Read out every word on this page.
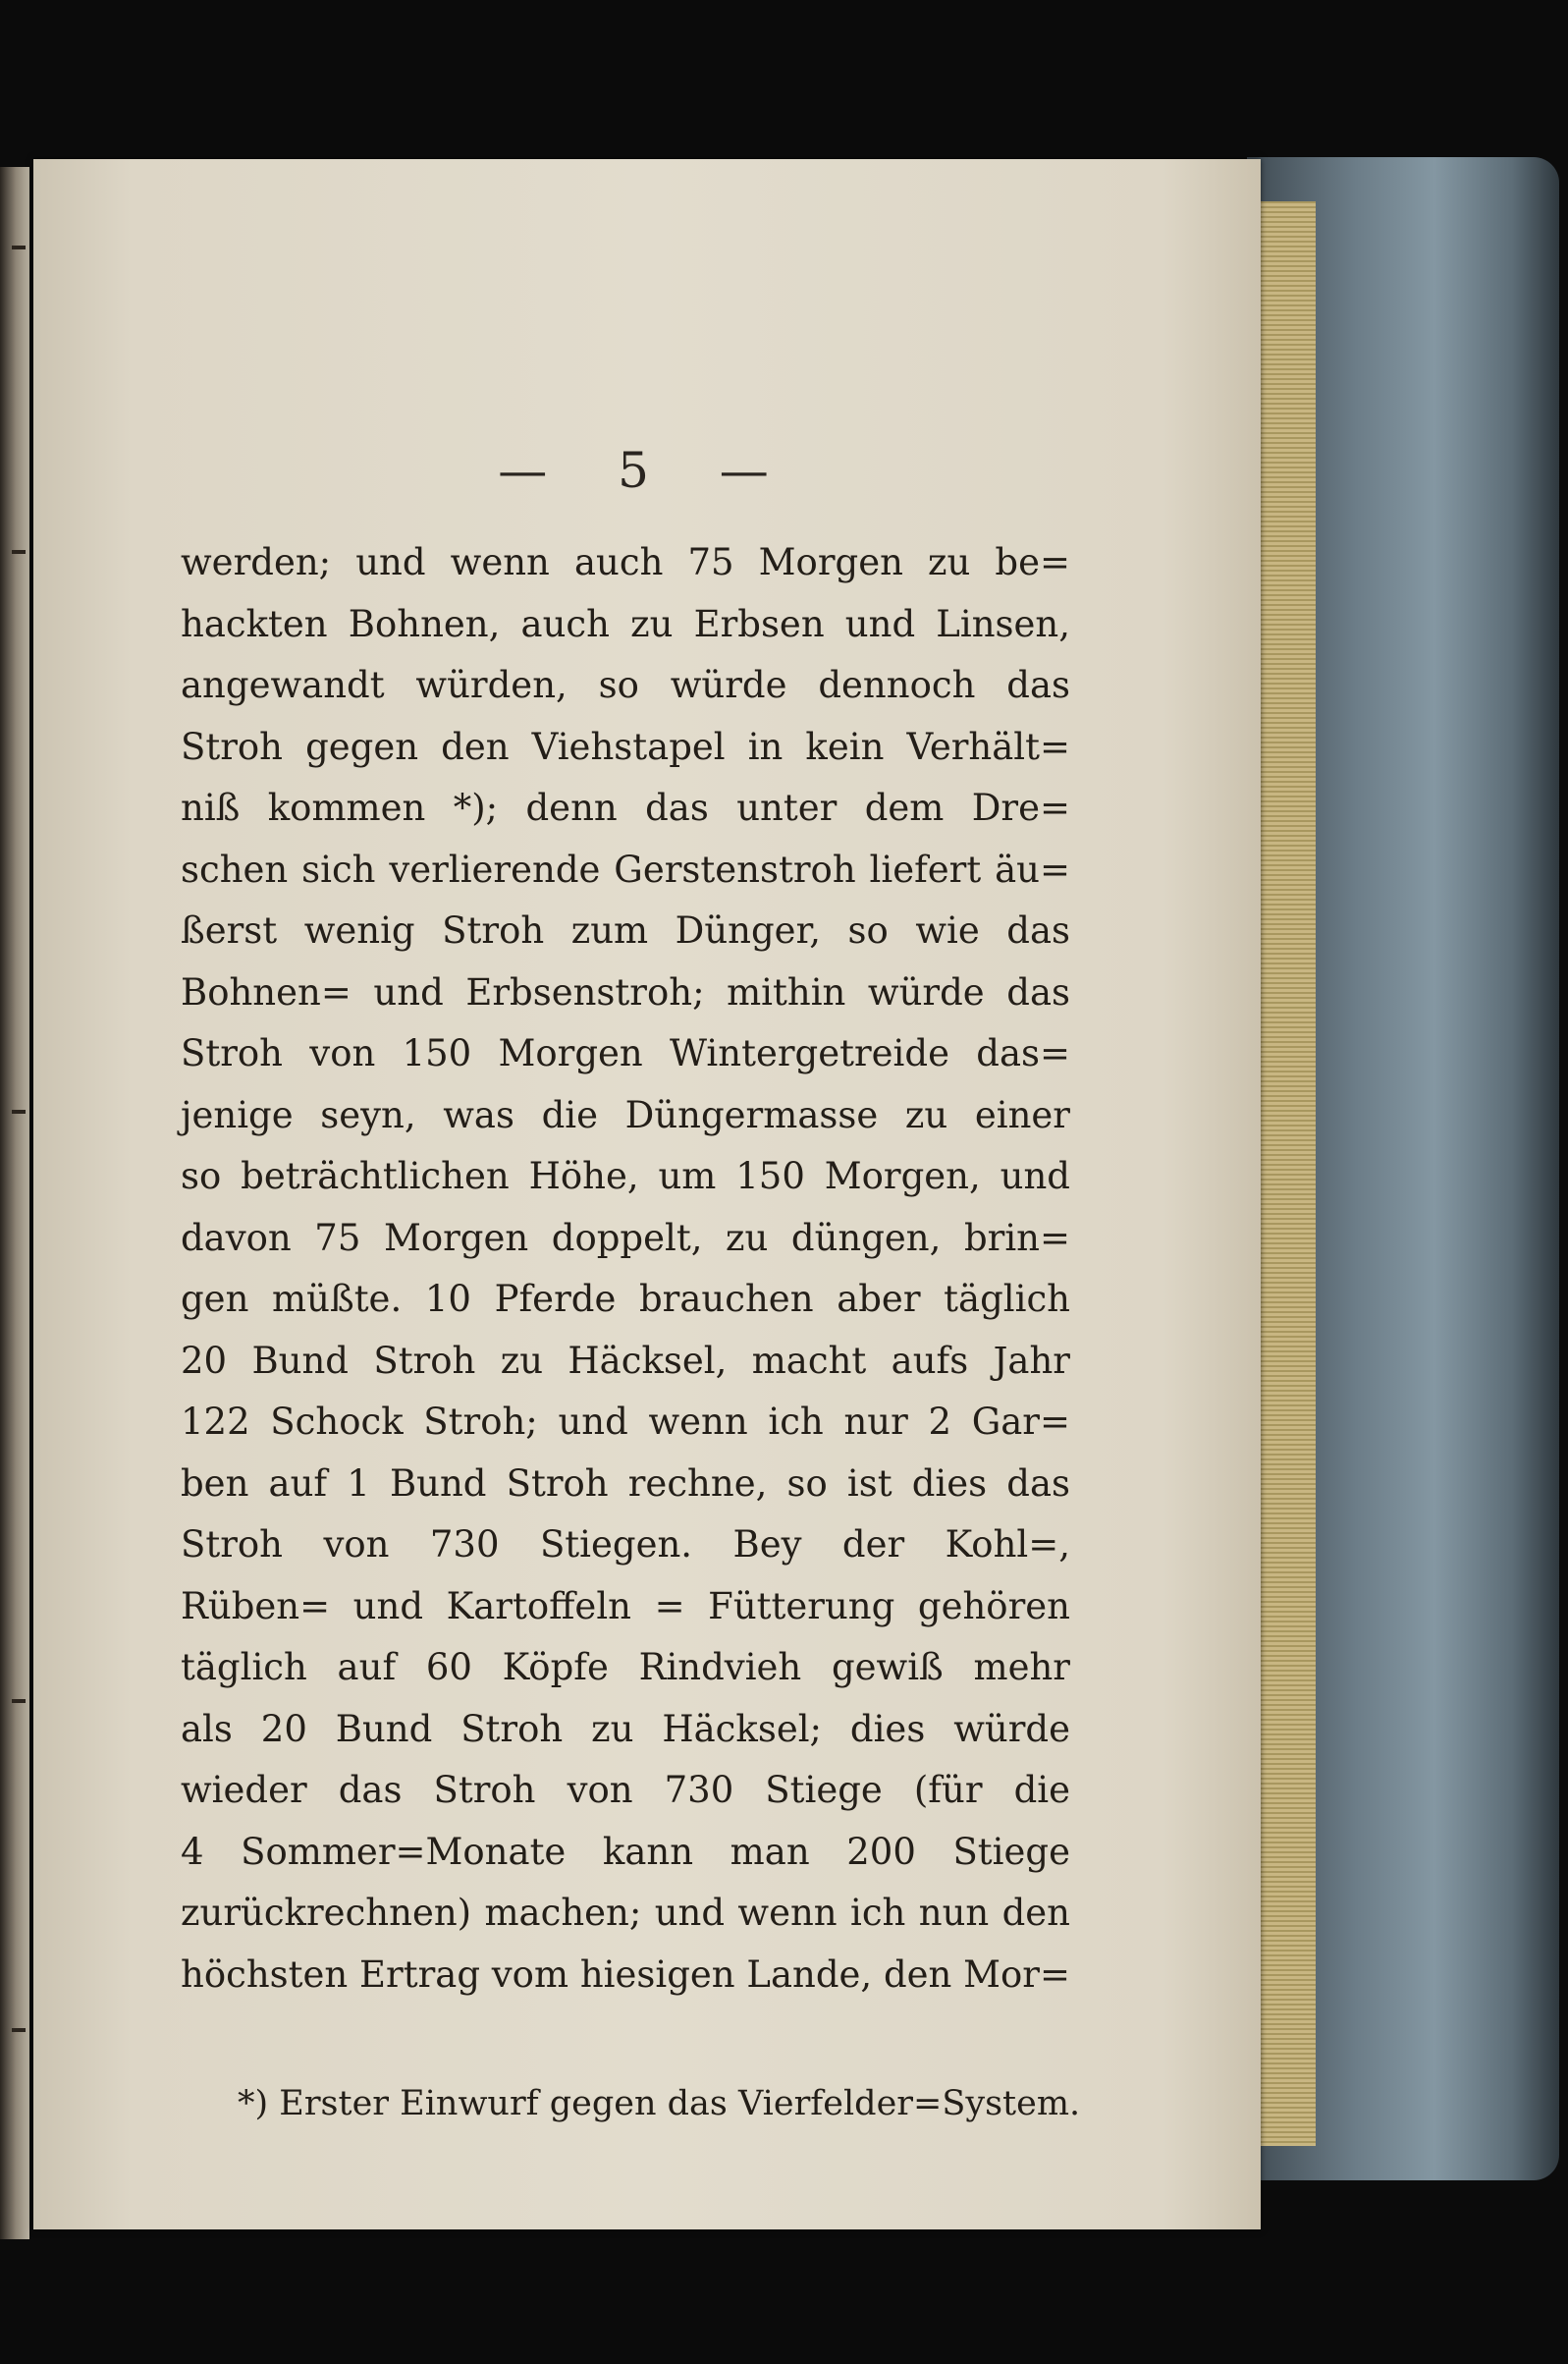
— 5 —
werden; und wenn auch 75 Morgen zu be=
hackten Bohnen, auch zu Erbsen und Linsen,
angewandt würden, so würde dennoch das
Stroh gegen den Viehstapel in kein Verhält=
niß kommen *); denn das unter dem Dre=
schen sich verlierende Gerstenstroh liefert äu=
ßerst wenig Stroh zum Dünger, so wie das
Bohnen= und Erbsenstroh; mithin würde das
Stroh von 150 Morgen Wintergetreide das=
jenige seyn, was die Düngermasse zu einer
so beträchtlichen Höhe, um 150 Morgen, und
davon 75 Morgen doppelt, zu düngen, brin=
gen müßte. 10 Pferde brauchen aber täglich
20 Bund Stroh zu Häcksel, macht aufs Jahr
122 Schock Stroh; und wenn ich nur 2 Gar=
ben auf 1 Bund Stroh rechne, so ist dies das
Stroh von 730 Stiegen. Bey der Kohl=,
Rüben= und Kartoffeln = Fütterung gehören
täglich auf 60 Köpfe Rindvieh gewiß mehr
als 20 Bund Stroh zu Häcksel; dies würde
wieder das Stroh von 730 Stiege (für die
4 Sommer=Monate kann man 200 Stiege
zurückrechnen) machen; und wenn ich nun den
höchsten Ertrag vom hiesigen Lande, den Mor=
*) Erster Einwurf gegen das Vierfelder=System.
